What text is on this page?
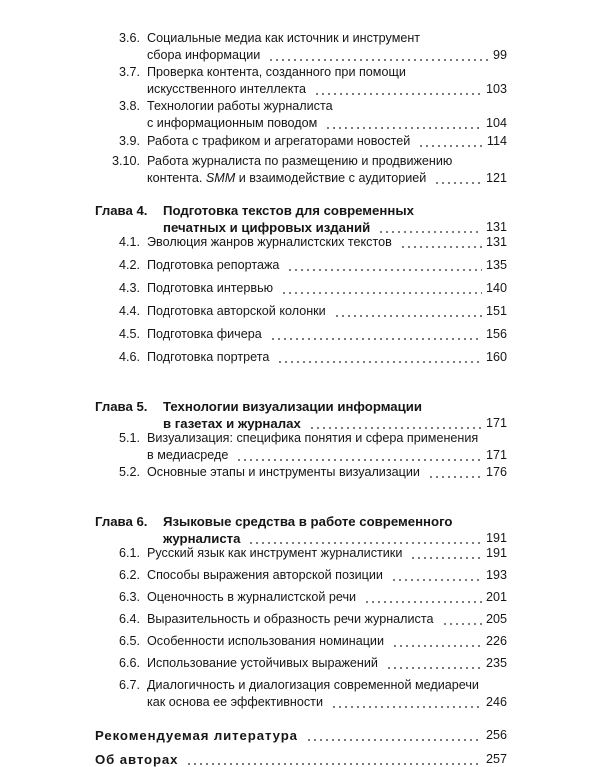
3.6. Социальные медиа как источник и инструмент
сбора информации	99
3.7. Проверка контента, созданного при помощи
искусственного интеллекта	103
3.8. Технологии работы журналиста
с информационным поводом	104
3.9. Работа с трафиком и агрегаторами новостей	114
3.10. Работа журналиста по размещению и продвижению
контента. SMM и взаимодействие с аудиторией	121
Глава 4. Подготовка текстов для современных
печатных и цифровых изданий	131
4.1. Эволюция жанров журналистских текстов	131
4.2. Подготовка репортажа	135
4.3. Подготовка интервью	140
4.4. Подготовка авторской колонки	151
4.5. Подготовка фичера	156
4.6. Подготовка портрета	160
Глава 5. Технологии визуализации информации
в газетах и журналах	171
5.1. Визуализация: специфика понятия и сфера применения
в медиасреде	171
5.2. Основные этапы и инструменты визуализации	176
Глава 6. Языковые средства в работе современного
журналиста	191
6.1. Русский язык как инструмент журналистики	191
6.2. Способы выражения авторской позиции	193
6.3. Оценочность в журналистской речи	201
6.4. Выразительность и образность речи журналиста	205
6.5. Особенности использования номинации	226
6.6. Использование устойчивых выражений	235
6.7. Диалогичность и диалогизация современной медиаречи
как основа ее эффективности	246
Рекомендуемая литература	256
Об авторах	257
